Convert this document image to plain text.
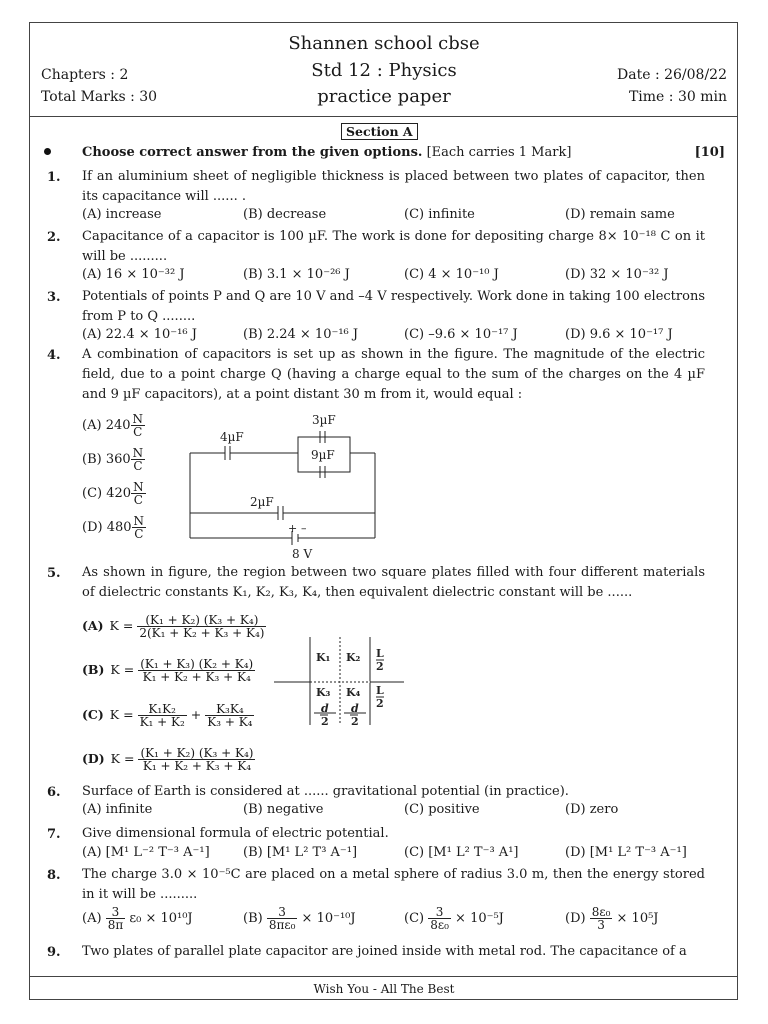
Shannen school cbse
Std 12 : Physics
practice paper
Chapters : 2
Total Marks : 30
Date : 26/08/22
Time : 30 min
Section A
Choose correct answer from the given options. [Each carries 1 Mark]	[10]
1. If an aluminium sheet of negligible thickness is placed between two plates of capacitor, then its capacitance will ...... .
(A) increase	(B) decrease	(C) infinite	(D) remain same
2. Capacitance of a capacitor is 100 µF. The work is done for depositing charge 8× 10⁻¹⁸ C on it will be .........
(A) 16 × 10⁻³² J	(B) 3.1 × 10⁻²⁶ J	(C) 4 × 10⁻¹⁰ J	(D) 32 × 10⁻³² J
3. Potentials of points P and Q are 10 V and –4 V respectively. Work done in taking 100 electrons from P to Q ........
(A) 22.4 × 10⁻¹⁶ J	(B) 2.24 × 10⁻¹⁶ J	(C) –9.6 × 10⁻¹⁷ J	(D) 9.6 × 10⁻¹⁷ J
4. A combination of capacitors is set up as shown in the figure. The magnitude of the electric field, due to a point charge Q (having a charge equal to the sum of the charges on the 4 µF and 9 µF capacitors), at a point distant 30 m from it, would equal :
(A) $240 \frac{N}{C}$
(B) $360 \frac{N}{C}$
(C) $420 \frac{N}{C}$
(D) $480 \frac{N}{C}$
4µF
3µF
9µF
2µF
+ –
8 V
5. As shown in figure, the region between two square plates filled with four different materials of dielectric constants K₁, K₂, K₃, K₄, then equivalent dielectric constant will be ......
(A) $K = \frac{\text{(K₁ + K₂) (K₃ + K₄)}}{\text{2(K₁ + K₂ + K₃ + K₄)}}$
(B) $K = \frac{\text{(K₁ + K₃) (K₂ + K₄)}}{\text{K₁ + K₂ + K₃ + K₄}}$
(C) $K = \frac{\text{K₁K₂}}{\text{K₁ + K₂}} + \frac{\text{K₃K₄}}{\text{K₃ + K₄}}$
(D) $K = \frac{\text{(K₁ + K₂) (K₃ + K₄)}}{\text{K₁ + K₂ + K₃ + K₄}}$
K₁ K₂
K₃ K₄
L
2
L
2
d
2
d
2
6. Surface of Earth is considered at ...... gravitational potential (in practice).
(A) infinite	(B) negative	(C) positive	(D) zero
7. Give dimensional formula of electric potential.
(A) [M¹ L⁻² T⁻³ A⁻¹]	(B) [M¹ L² T³ A⁻¹]	(C) [M¹ L² T⁻³ A¹]	(D) [M¹ L² T⁻³ A⁻¹]
8. The charge 3.0 × 10⁻⁵C are placed on a metal sphere of radius 3.0 m, then the energy stored in it will be .........
$(A) \frac{3}{8\pi} \varepsilon_0 \times 10^{10}J$	$(B) \frac{3}{\text{8πε₀}} \times 10^{-10}J$	$(C) \frac{3}{\text{8ε₀}} \times 10^{-5}J$	$(D) \frac{\text{8ε₀}}{3} \times 10^5J$
9. Two plates of parallel plate capacitor are joined inside with metal rod. The capacitance of a
Wish You - All The Best
